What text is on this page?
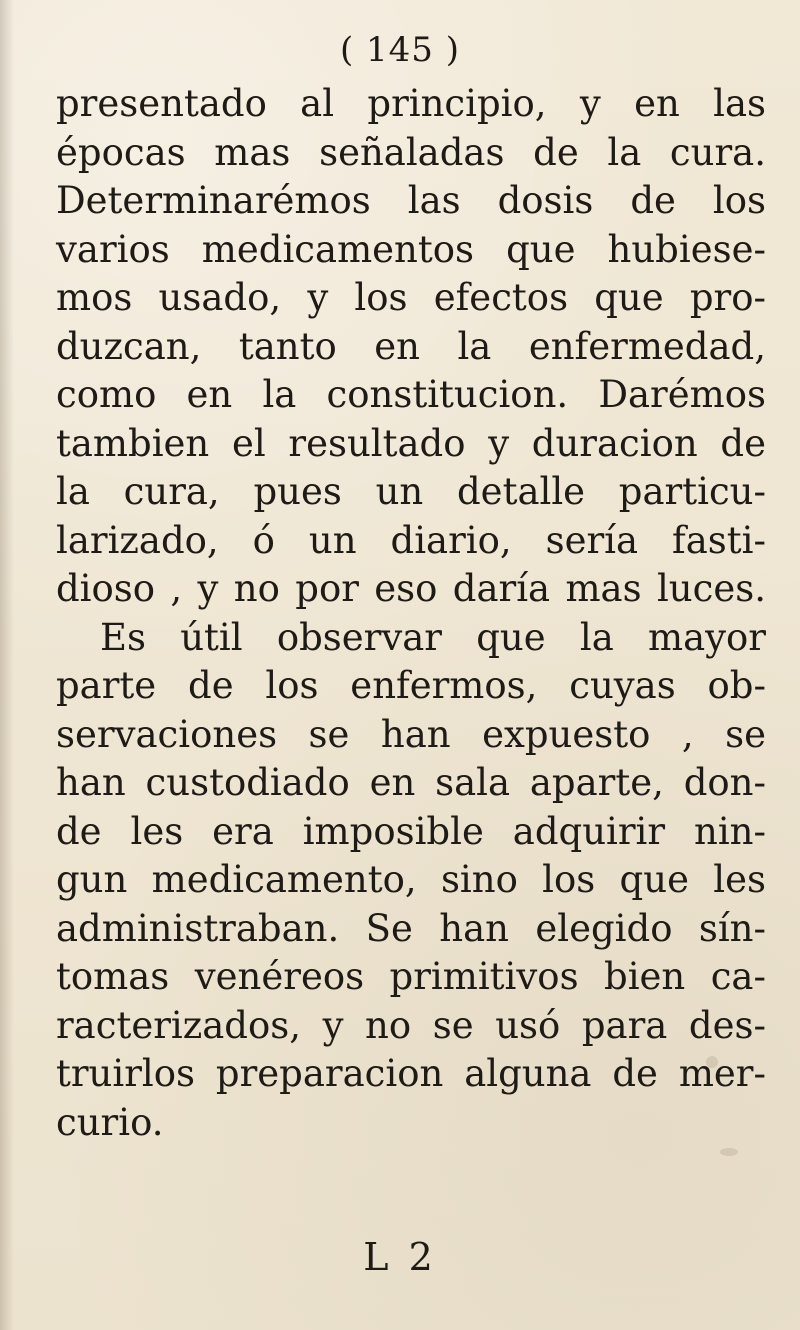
( 145 )
presentado al principio, y en las
épocas mas señaladas de la cura.
Determinarémos las dosis de los
varios medicamentos que hubiese-
mos usado, y los efectos que pro-
duzcan, tanto en la enfermedad,
como en la constitucion. Darémos
tambien el resultado y duracion de
la cura, pues un detalle particu-
larizado, ó un diario, sería fasti-
dioso , y no por eso daría mas luces.
Es útil observar que la mayor
parte de los enfermos, cuyas ob-
servaciones se han expuesto , se
han custodiado en sala aparte, don-
de les era imposible adquirir nin-
gun medicamento, sino los que les
administraban. Se han elegido sín-
tomas venéreos primitivos bien ca-
racterizados, y no se usó para des-
truirlos preparacion alguna de mer-
curio.
L 2
